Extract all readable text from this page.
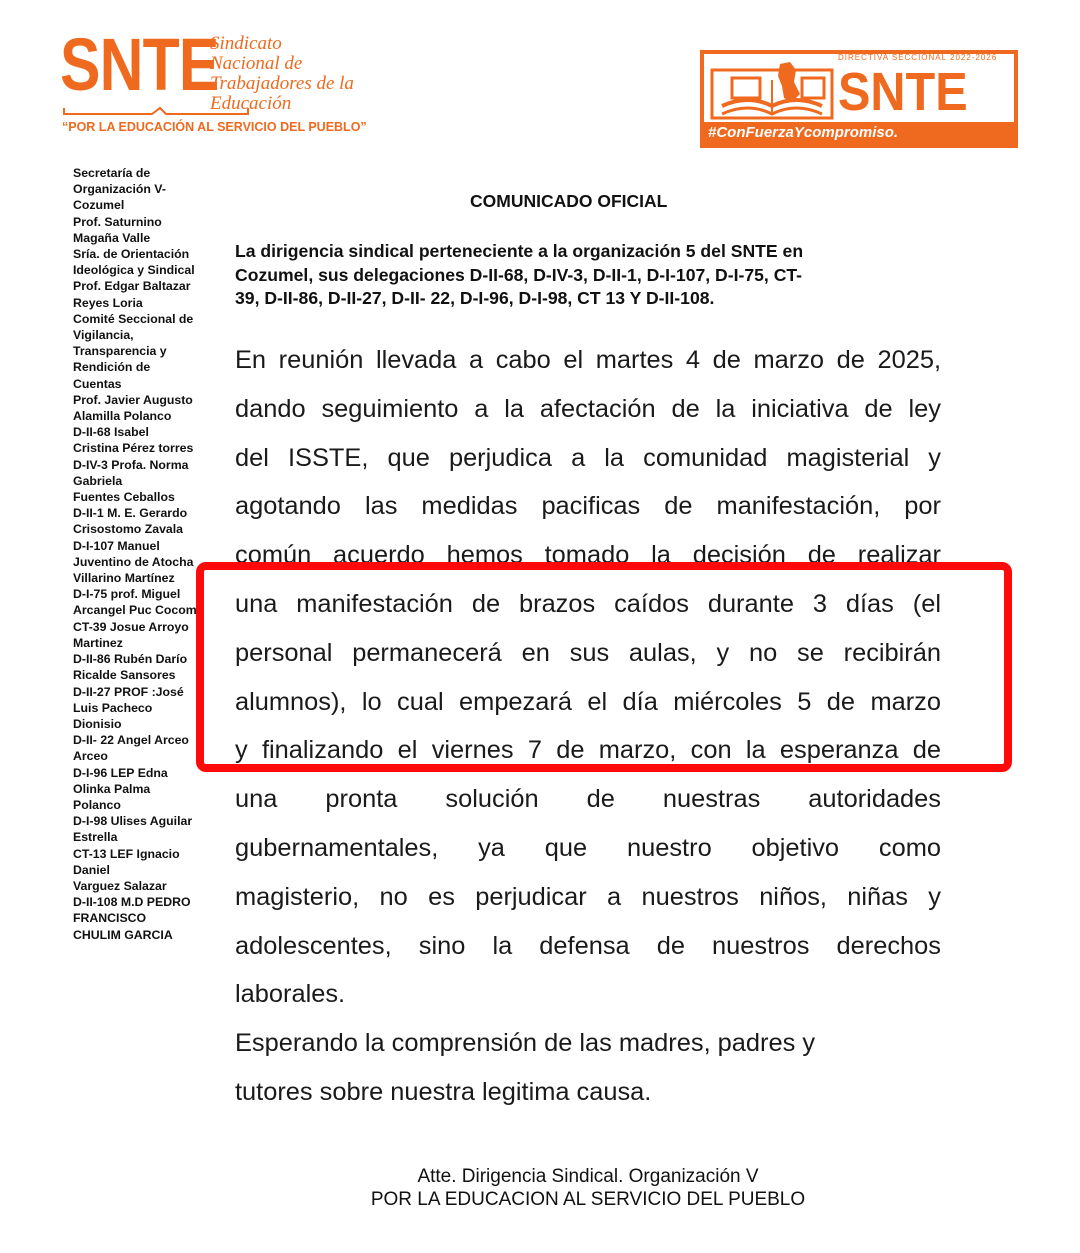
SNTE
Sindicato
Nacional de
Trabajadores de la
Educación
“POR LA EDUCACIÓN AL SERVICIO DEL PUEBLO”
DIRECTIVA SECCIONAL 2022-2026
SNTE
#ConFuerzaYcompromiso.
Secretaría de
Organización V-
Cozumel
Prof. Saturnino
Magaña Valle
Sría. de Orientación
Ideológica y Sindical
Prof. Edgar Baltazar
Reyes Loria
Comité Seccional de
Vigilancia,
Transparencia y
Rendición de
Cuentas
Prof. Javier Augusto
Alamilla Polanco
D-II-68 Isabel
Cristina Pérez torres
D-IV-3 Profa. Norma
Gabriela
Fuentes Ceballos
D-II-1 M. E. Gerardo
Crisostomo Zavala
D-I-107 Manuel
Juventino de Atocha
Villarino Martínez
D-I-75 prof. Miguel
Arcangel Puc Cocom
CT-39 Josue Arroyo
Martinez
D-II-86 Rubén Darío
Ricalde Sansores
D-II-27 PROF :José
Luis Pacheco
Dionisio
D-II- 22 Angel Arceo
Arceo
D-I-96 LEP Edna
Olinka Palma
Polanco
D-I-98 Ulises Aguilar
Estrella
CT-13 LEF Ignacio
Daniel
Varguez Salazar
D-II-108 M.D PEDRO
FRANCISCO
CHULIM GARCIA
COMUNICADO OFICIAL
La dirigencia sindical perteneciente a la organización 5 del SNTE en
Cozumel, sus delegaciones D-II-68, D-IV-3, D-II-1, D-I-107, D-I-75, CT-
39, D-II-86, D-II-27, D-II- 22, D-I-96, D-I-98, CT 13 Y D-II-108.
En reunión llevada a cabo el martes 4 de marzo de 2025,
dando seguimiento a la afectación de la iniciativa de ley
del ISSTE, que perjudica a la comunidad magisterial y
agotando las medidas pacificas de manifestación, por
común acuerdo hemos tomado la decisión de realizar
una manifestación de brazos caídos durante 3 días (el
personal permanecerá en sus aulas, y no se recibirán
alumnos), lo cual empezará el día miércoles 5 de marzo
y finalizando el viernes 7 de marzo, con la esperanza de
una pronta solución de nuestras autoridades
gubernamentales, ya que nuestro objetivo como
magisterio, no es perjudicar a nuestros niños, niñas y
adolescentes, sino la defensa de nuestros derechos
laborales.
Esperando la comprensión de las madres, padres y
tutores sobre nuestra legitima causa.
Atte. Dirigencia Sindical. Organización V
POR LA EDUCACION AL SERVICIO DEL PUEBLO
